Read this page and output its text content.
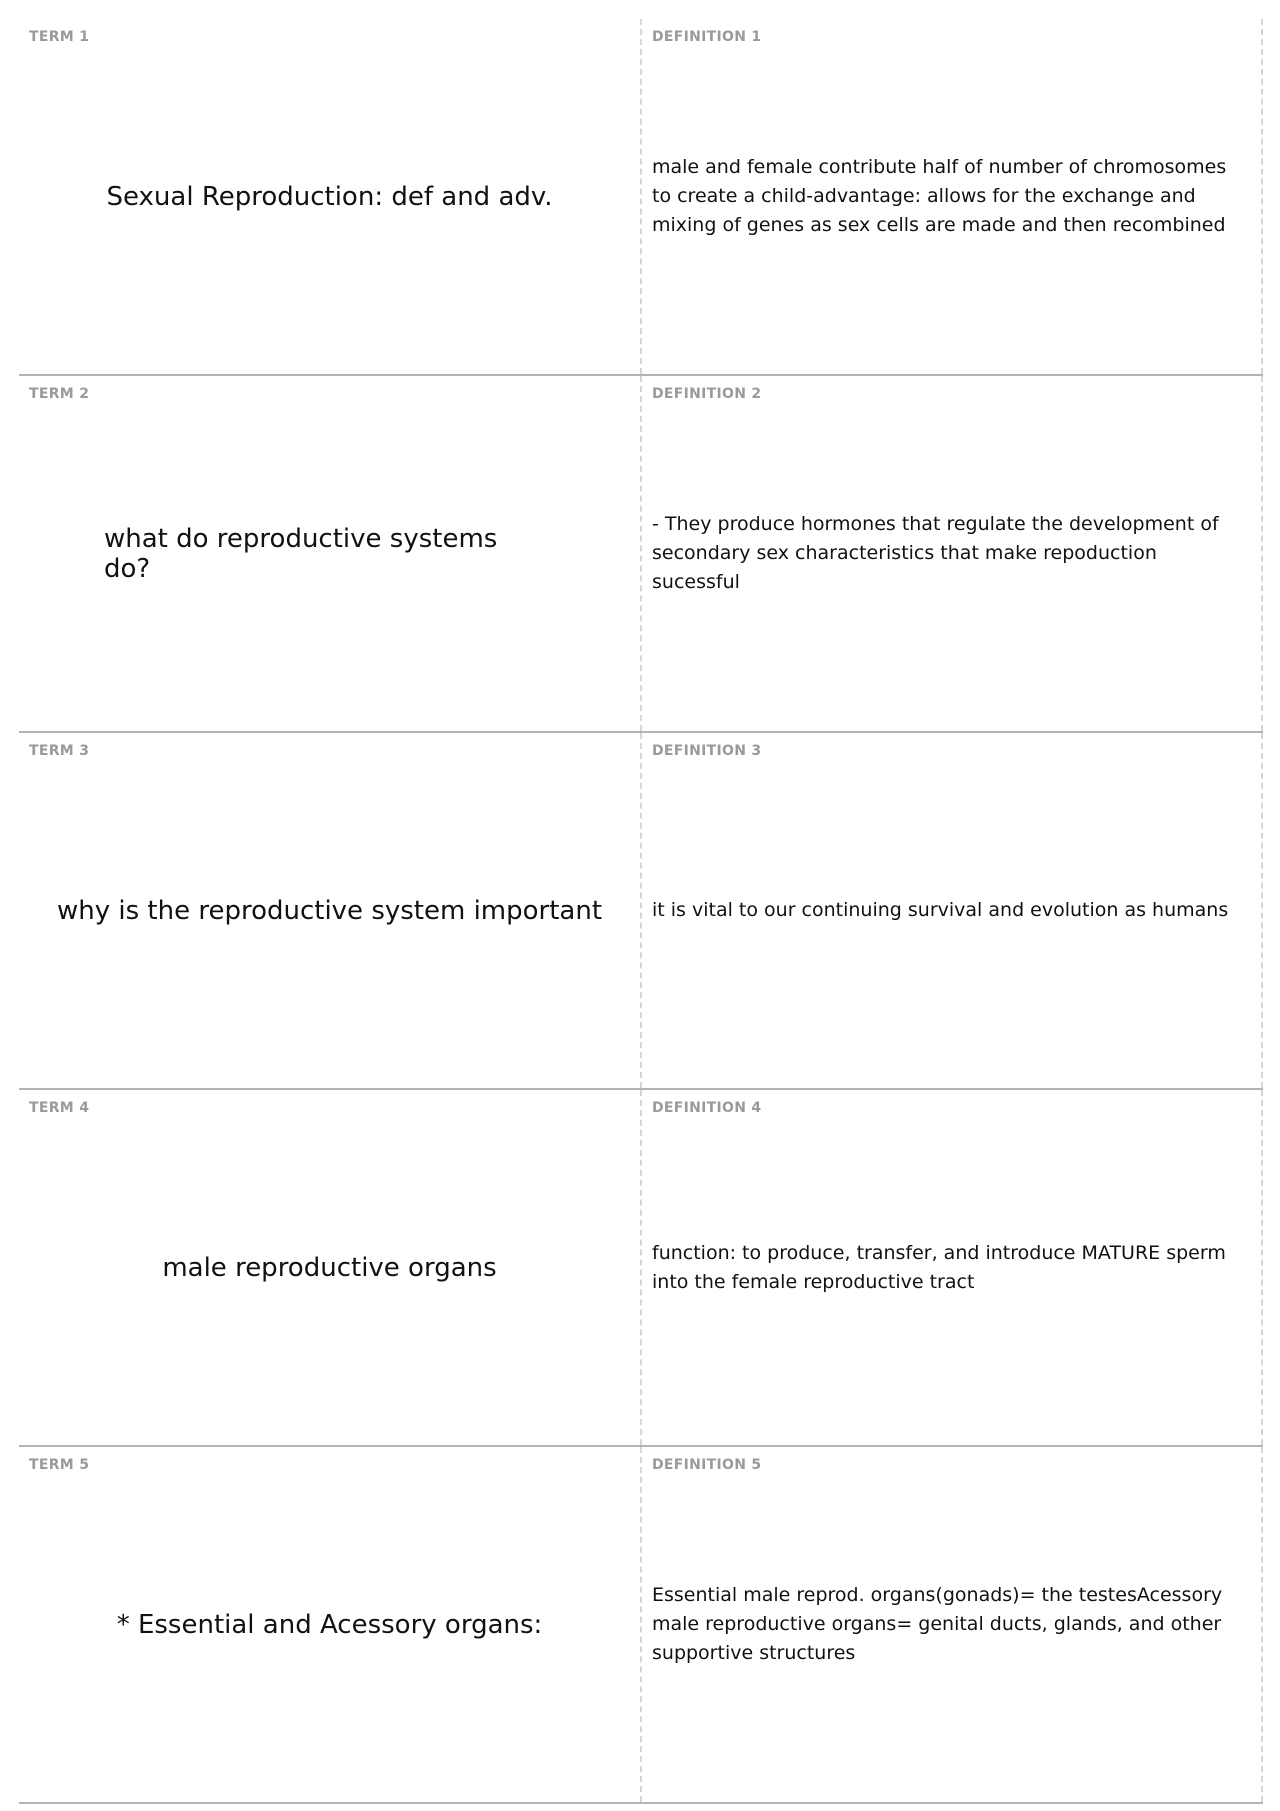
TERM 1
Sexual Reproduction: def and adv.
DEFINITION 1
male and female contribute half of number of chromosomes to create a child-advantage: allows for the exchange and mixing of genes as sex cells are made and then recombined
TERM 2
what do reproductive systems do?
DEFINITION 2
- They produce hormones that regulate the development of secondary sex characteristics that make repoduction sucessful
TERM 3
why is the reproductive system important
DEFINITION 3
it is vital to our continuing survival and evolution as humans
TERM 4
male reproductive organs
DEFINITION 4
function: to produce, transfer, and introduce MATURE sperm into the female reproductive tract
TERM 5
* Essential and Acessory organs:
DEFINITION 5
Essential male reprod. organs(gonads)= the testesAcessory male reproductive organs= genital ducts, glands, and other supportive structures
